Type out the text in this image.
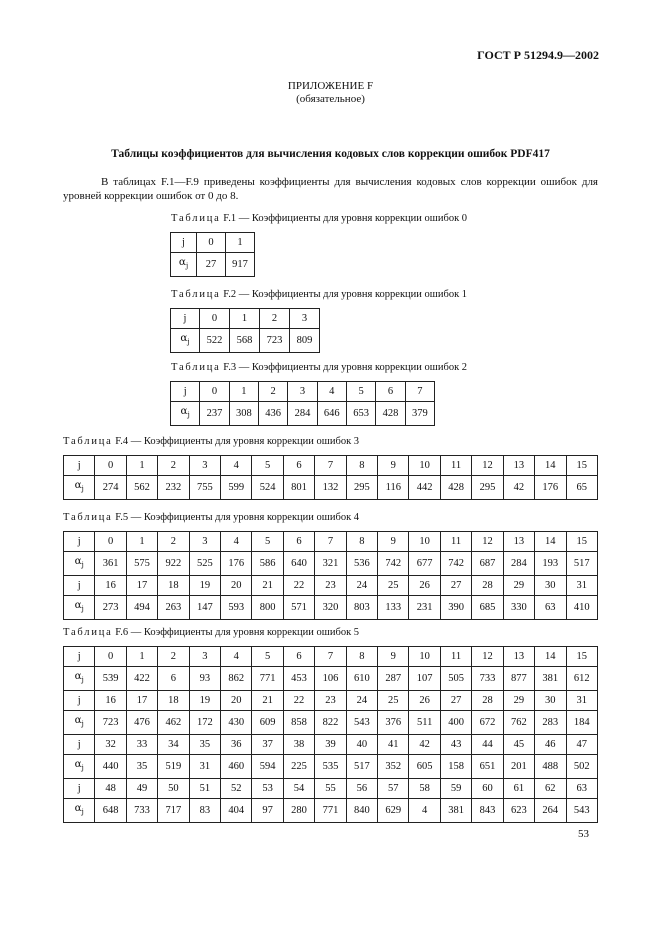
ГОСТ Р 51294.9—2002
ПРИЛОЖЕНИЕ F
(обязательное)
Таблицы коэффициентов для вычисления кодовых слов коррекции ошибок PDF417
В таблицах F.1—F.9 приведены коэффициенты для вычисления кодовых слов коррекции ошибок для уровней коррекции ошибок от 0 до 8.
Таблица F.1 — Коэффициенты для уровня коррекции ошибок 0
j	0	1
$\alpha_j$	27	917
Таблица F.2 — Коэффициенты для уровня коррекции ошибок 1
j	0	1	2	3
$\alpha_j$	522	568	723	809
Таблица F.3 — Коэффициенты для уровня коррекции ошибок 2
j	0	1	2	3	4	5	6	7
$\alpha_j$	237	308	436	284	646	653	428	379
Таблица F.4 — Коэффициенты для уровня коррекции ошибок 3
j	0	1	2	3	4	5	6	7	8	9	10	11	12	13	14	15
$\alpha_j$	274	562	232	755	599	524	801	132	295	116	442	428	295	42	176	65
Таблица F.5 — Коэффициенты для уровня коррекции ошибок 4
j	0	1	2	3	4	5	6	7	8	9	10	11	12	13	14	15
$\alpha_j$	361	575	922	525	176	586	640	321	536	742	677	742	687	284	193	517
j	16	17	18	19	20	21	22	23	24	25	26	27	28	29	30	31
$\alpha_j$	273	494	263	147	593	800	571	320	803	133	231	390	685	330	63	410
Таблица F.6 — Коэффициенты для уровня коррекции ошибок 5
j	0	1	2	3	4	5	6	7	8	9	10	11	12	13	14	15
$\alpha_j$	539	422	6	93	862	771	453	106	610	287	107	505	733	877	381	612
j	16	17	18	19	20	21	22	23	24	25	26	27	28	29	30	31
$\alpha_j$	723	476	462	172	430	609	858	822	543	376	511	400	672	762	283	184
j	32	33	34	35	36	37	38	39	40	41	42	43	44	45	46	47
$\alpha_j$	440	35	519	31	460	594	225	535	517	352	605	158	651	201	488	502
j	48	49	50	51	52	53	54	55	56	57	58	59	60	61	62	63
$\alpha_j$	648	733	717	83	404	97	280	771	840	629	4	381	843	623	264	543
53
